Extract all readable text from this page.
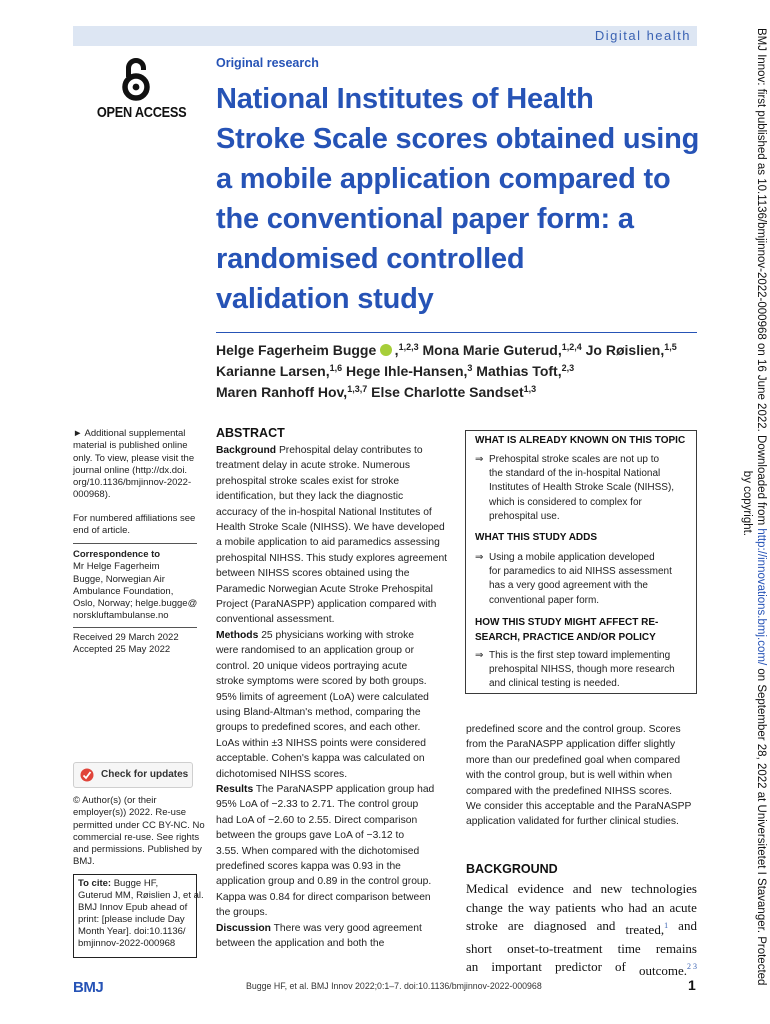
Digital health
OPEN ACCESS
Original research
National Institutes of Health
Stroke Scale scores obtained using
a mobile application compared to
the conventional paper form: a
randomised controlled
validation study
Helge Fagerheim Bugge  ,$^{1,2,3}$ Mona Marie Guterud,$^{1,2,4}$ Jo Røislien,$^{1,5}$
Karianne Larsen,$^{1,6}$ Hege Ihle-Hansen,$^3$ Mathias Toft,$^{2,3}$
Maren Ranhoff Hov,$^{1,3,7}$ Else Charlotte Sandset$^{1,3}$
► Additional supplemental
material is published online
only. To view, please visit the
journal online (http://dx.doi.
org/10.1136/bmjinnov-2022-
000968).
For numbered affiliations see
end of article.
Correspondence to
Mr Helge Fagerheim
Bugge, Norwegian Air
Ambulance Foundation,
Oslo, Norway; helge.bugge@
norskluftambulanse.no
Received 29 March 2022
Accepted 25 May 2022
Check for updates
© Author(s) (or their
employer(s)) 2022. Re-use
permitted under CC BY-NC. No
commercial re-use. See rights
and permissions. Published by
BMJ.
To cite: Bugge HF,
Guterud MM, Røislien J, et al.
BMJ Innov Epub ahead of
print: [please include Day
Month Year]. doi:10.1136/
bmjinnov-2022-000968
ABSTRACT
Background Prehospital delay contributes to
treatment delay in acute stroke. Numerous
prehospital stroke scales exist for stroke
identification, but they lack the diagnostic
accuracy of the in-hospital National Institutes of
Health Stroke Scale (NIHSS). We have developed
a mobile application to aid paramedics assessing
prehospital NIHSS. This study explores agreement
between NIHSS scores obtained using the
Paramedic Norwegian Acute Stroke Prehospital
Project (ParaNASPP) application compared with
conventional assessment.
Methods 25 physicians working with stroke
were randomised to an application group or
control. 20 unique videos portraying acute
stroke symptoms were scored by both groups.
95% limits of agreement (LoA) were calculated
using Bland-Altman's method, comparing the
groups to predefined scores, and each other.
LoAs within ±3 NIHSS points were considered
acceptable. Cohen's kappa was calculated on
dichotomised NIHSS scores.
Results The ParaNASPP application group had
95% LoA of −2.33 to 2.71. The control group
had LoA of −2.60 to 2.55. Direct comparison
between the groups gave LoA of −3.12 to
3.55. When compared with the dichotomised
predefined scores kappa was 0.93 in the
application group and 0.89 in the control group.
Kappa was 0.84 for direct comparison between
the groups.
Discussion There was very good agreement
between the application and both the
WHAT IS ALREADY KNOWN ON THIS TOPIC
⇒ Prehospital stroke scales are not up to
the standard of the in-hospital National
Institutes of Health Stroke Scale (NIHSS),
which is considered to complex for
prehospital use.
WHAT THIS STUDY ADDS
⇒ Using a mobile application developed
for paramedics to aid NIHSS assessment
has a very good agreement with the
conventional paper form.
HOW THIS STUDY MIGHT AFFECT RE-
SEARCH, PRACTICE AND/OR POLICY
⇒ This is the first step toward implementing
prehospital NIHSS, though more research
and clinical testing is needed.
predefined score and the control group. Scores
from the ParaNASPP application differ slightly
more than our predefined goal when compared
with the control group, but is well within when
compared with the predefined NIHSS scores.
We consider this acceptable and the ParaNASPP
application validated for further clinical studies.
BACKGROUND
Medical evidence and new technologies
change the way patients who had an acute
stroke are diagnosed and treated,$^1$ and
short onset-to-treatment time remains
an important predictor of outcome.$^{2 3}$
BMJ	Bugge HF, et al. BMJ Innov 2022;0:1–7. doi:10.1136/bmjinnov-2022-000968	1
BMJ Innov: first published as 10.1136/bmjinnov-2022-000968 on 16 June 2022. Downloaded from http://innovations.bmj.com/ on September 28, 2022 at Universitetet I Stavanger. Protected
by copyright.
